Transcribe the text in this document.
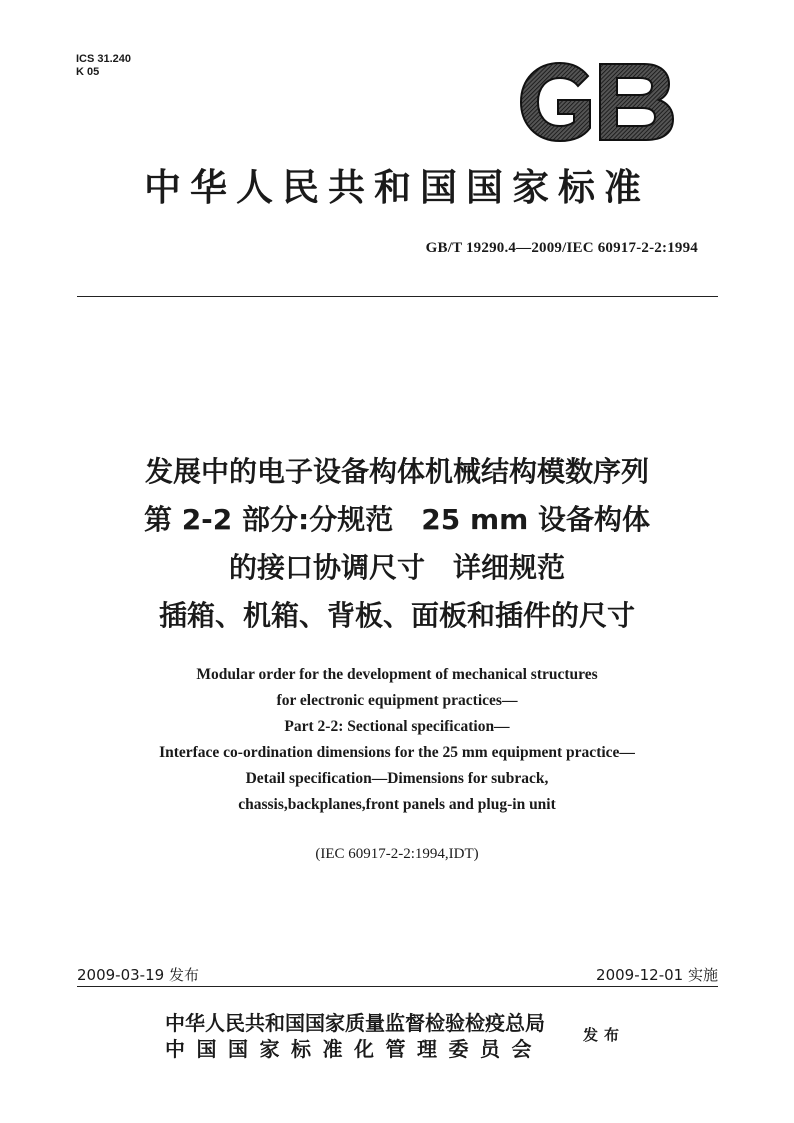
ICS 31.240
K 05
中华人民共和国国家标准
GB/T 19290.4—2009/IEC 60917-2-2:1994
发展中的电子设备构体机械结构模数序列
第 2-2 部分:分规范　25 mm 设备构体
的接口协调尺寸　详细规范
插箱、机箱、背板、面板和插件的尺寸
Modular order for the development of mechanical structures
for electronic equipment practices—
Part 2-2: Sectional specification—
Interface co-ordination dimensions for the 25 mm equipment practice—
Detail specification—Dimensions for subrack,
chassis,backplanes,front panels and plug-in unit
(IEC 60917-2-2:1994,IDT)
2009-03-19 发布	2009-12-01 实施
中华人民共和国国家质量监督检验检疫总局
中国国家标准化管理委员会
发布
